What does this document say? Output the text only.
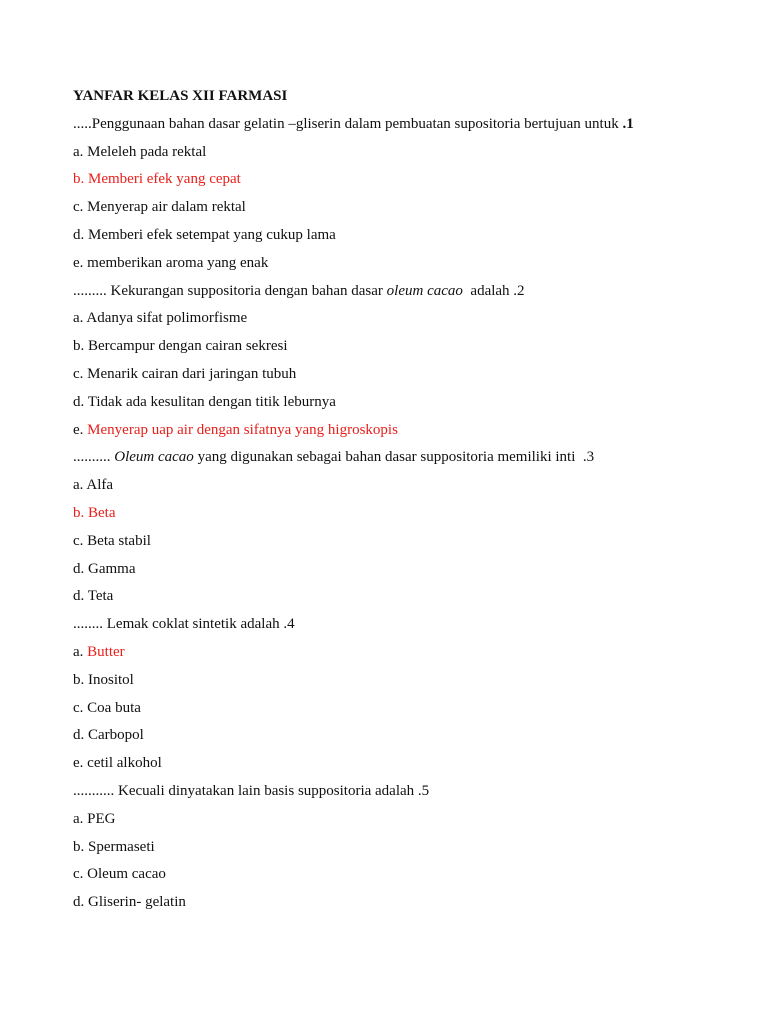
YANFAR KELAS XII FARMASI
.....Penggunaan bahan dasar gelatin –gliserin dalam pembuatan supositoria bertujuan untuk .1
a. Meleleh pada rektal
b. Memberi efek yang cepat
c. Menyerap air dalam rektal
d. Memberi efek setempat yang cukup lama
e. memberikan aroma yang enak
......... Kekurangan suppositoria dengan bahan dasar oleum cacao adalah .2
a. Adanya sifat polimorfisme
b. Bercampur dengan cairan sekresi
c. Menarik cairan dari jaringan tubuh
d. Tidak ada kesulitan dengan titik leburnya
e. Menyerap uap air dengan sifatnya yang higroskopis
.......... Oleum cacao yang digunakan sebagai bahan dasar suppositoria memiliki inti  .3
a. Alfa
b. Beta
c. Beta stabil
d. Gamma
d. Teta
........ Lemak coklat sintetik adalah .4
a. Butter
b. Inositol
c. Coa buta
d. Carbopol
e. cetil alkohol
........... Kecuali dinyatakan lain basis suppositoria adalah .5
a. PEG
b. Spermaseti
c. Oleum cacao
d. Gliserin- gelatin
